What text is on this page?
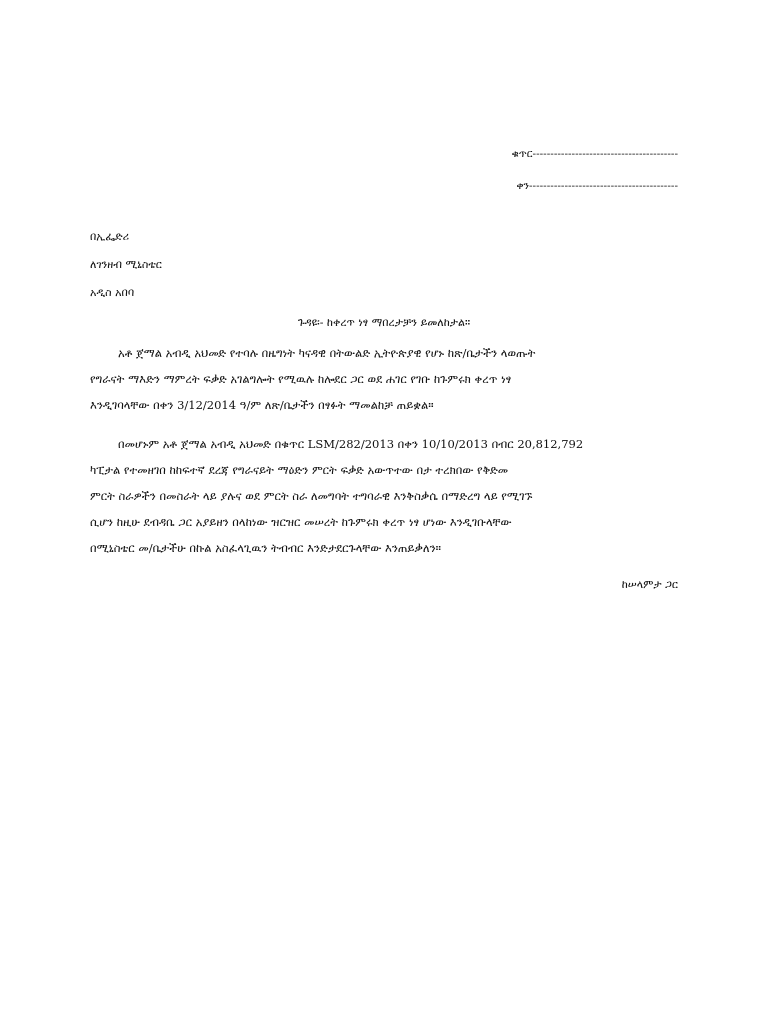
ቁጥር-----------------------------------------
ቀን------------------------------------------
በኢፌድሪ
ለገንዘብ ሚኒስቴር
አዲስ አበባ
ጉዳዩ፡- ከቀረጥ ነፃ ማበረታቻን ይመለከታል።
አቶ ጀማል አብዲ አህመድ የተባሉ በዜግነት ካናዳዊ በትውልድ ኢትዮጵያዊ የሆኑ ከጽ/ቤታችን ላወጡት
የግራናት ማእድን ማምረት ፍቃድ አገልግሎት የሚዉሉ ከሎደር ጋር ወደ ሐገር የገቡ ከጉምሩክ ቀረጥ ነፃ
እንዲገባላቸው በቀን 3/12/2014 ዓ/ም ለጽ/ቤታችን በፃፉት ማመልከቻ ጠይቋል።
በመሆኑም አቶ ጀማል አብዲ አህመድ በቁጥር LSM/282/2013 በቀን 10/10/2013 በብር 20,812,792
ካፒታል የተመዘገበ ከከፍተኛ ደረጃ የግራናይት ማዕድን ምርት ፍቃድ አውጥተው በታ ተረክበው የቅድመ
ምርት ስራዎችን በመስራት ላይ ያሉና ወደ ምርት ስራ ለመግባት ተግባራዊ እንቅስቃሴ በማድረግ ላይ የሚገኙ
ሲሆን ከዚሁ ደብዳቤ ጋር አያይዘን በላከነው ዝርዝር መሠረት ከጉምሩክ ቀረጥ ነፃ ሆነው እንዲገቡላቸው
በሚኒስቴር መ/ቤታችሁ በኩል አስፈላጊዉን ትብብር እንድታደርጉላቸው እንጠይቃለን።
ከሠላምታ ጋር
